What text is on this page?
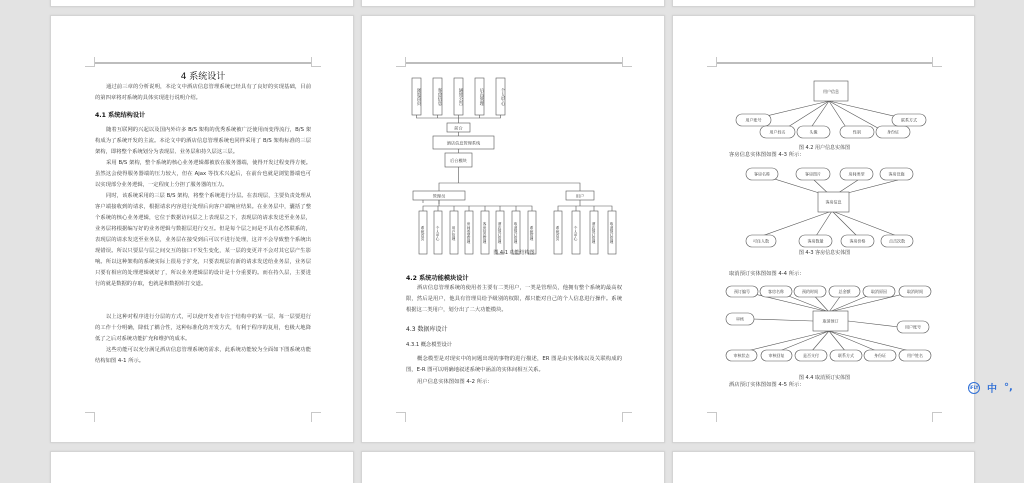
4 系统设计
通过前三章的分析说明，本论文中酒店信息管理系统已经具有了良好的实现基础，目前的第四章将对系统的具体实现进行说明介绍。
4.1 系统结构设计
随着互联网的兴起以及国内外许多 B/S 架构的优秀系统被广泛使用而变得流行，B/S 架构成为了系统开发的主流。本论文中的酒店信息管理系统也同样采用了 B/S 架构标准的三层架构，即将整个系统划分为表现层、业务层和持久层这三层。
采用 B/S 架构，整个系统的核心业务逻辑都被放在服务器端，使得开发过程变得方便。虽然这会使得服务器端的压力较大，但在 Ajax 等技术兴起后，在前台也就是浏览器端也可以实现部分业务逻辑，一定程度上分担了服务器的压力。
同时，该系统采用的三层 B/S 架构，将整个系统进行分层。在表现层，主要负责处理从客户端接收到的请求，根据请求内容进行处理后向客户端响应结果。在业务层中，囊括了整个系统的核心业务逻辑，它位于数据访问层之上表现层之下，表现层的请求发送至业务层，业务层将根据编写好的业务逻辑与数据层进行交互。但是每个层之间是不具有必然联系的，表现层的请求发送至业务层，业务层在接受到后可以不进行处理，这并不会导致整个系统出现错误。所以只要层与层之间交互的接口不发生变化，某一层的变更并不会对其它层产生影响。所以这种架构的系统实际上很易于扩充，只要表现层有新的请求发送给业务层，业务层只要有相应的处理逻辑就好了，所以业务逻辑层的设计是十分重要的。而在持久层，主要进行的就是数据的存取，也就是和数据库打交道。
以上这种对程序进行分层的方式，可以使开发者专注于结构中的某一层，每一层要进行的工作十分明确，降低了耦合性，这种标准化的开发方式，有利于程序的复用，也极大地降低了之后对系统功能扩充和维护的成本。
这些功能可以充分满足酒店信息管理系统的需求，此系统功能较为全面如下图系统功能结构如图 4-1 所示。
前台
酒店信息管理系统
后台模块
管理员	用户
浏览首页	客房信息	通知公告	后台管理	个人中心
系统首页	个人中心	用户管理	房间类型管理	客房信息管理	酒店预订管理	取消预订管理	系统管理	系统首页	个人中心	酒店预订管理	取消预订管理
图 4-1 功能结构图
4.2 系统功能模块设计
酒店信息管理系统的使用者主要有二类用户，一类是管理员，他拥有整个系统的最高权限，然后是用户，他具有管理员给予级别的权限，都只能对自己的个人信息进行操作。系统根据这二类用户，划分出了二大功能模块。
4.3 数据库设计
4.3.1 概念模型设计
概念模型是对现实中的问题出现的事物的进行描述，ER 图是由实体线以及关联构成的图，E-R 图可以明确地叙述系统中涵盖的实体间相互关系。
用户信息实体图如图 4-2 所示：
用户信息
用户账号
用户姓名	头像	性别	身份证
联系方式
客房名称	客房图片	房间类型	客房设施
客房信息
可住人数	客房数量	客房价格	点击次数
预订编号	客房名称	预约时间	总金额	取消原因	取消时间
审核	取消预订
用户账号
审核状态	审核回复	是否支付	联系方式	身份证	用户姓名
图 4.2 用户信息实体图
客房信息实体图如图 4-3 所示：
图 4-3 客房信息实体图
取消预订实体图如图 4-4 所示：
图 4.4 取消预订实体图
酒店预订实体图如图 4-5 所示：	iFLY 中 °,
